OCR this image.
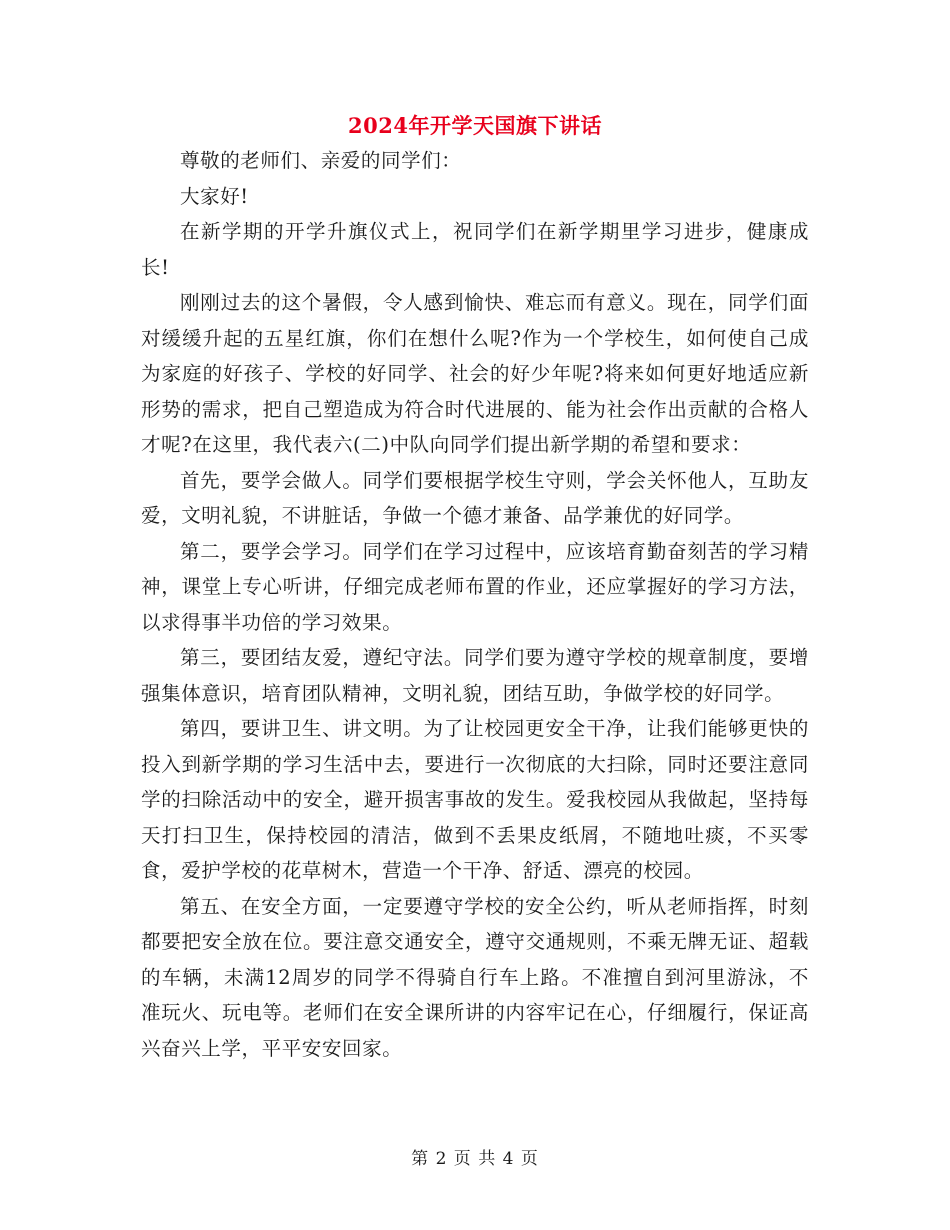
2024年开学天国旗下讲话

尊敬的老师们、亲爱的同学们：

大家好!

在新学期的开学升旗仪式上，祝同学们在新学期里学习进步，健康成长!

刚刚过去的这个暑假，令人感到愉快、难忘而有意义。现在，同学们面对缓缓升起的五星红旗，你们在想什么呢?作为一个学校生，如何使自己成为家庭的好孩子、学校的好同学、社会的好少年呢?将来如何更好地适应新形势的需求，把自己塑造成为符合时代进展的、能为社会作出贡献的合格人才呢?在这里，我代表六(二)中队向同学们提出新学期的希望和要求：

首先，要学会做人。同学们要根据学校生守则，学会关怀他人，互助友爱，文明礼貌，不讲脏话，争做一个德才兼备、品学兼优的好同学。

第二，要学会学习。同学们在学习过程中，应该培育勤奋刻苦的学习精神，课堂上专心听讲，仔细完成老师布置的作业，还应掌握好的学习方法，以求得事半功倍的学习效果。

第三，要团结友爱，遵纪守法。同学们要为遵守学校的规章制度，要增强集体意识，培育团队精神，文明礼貌，团结互助，争做学校的好同学。

第四，要讲卫生、讲文明。为了让校园更安全干净，让我们能够更快的投入到新学期的学习生活中去，要进行一次彻底的大扫除，同时还要注意同学的扫除活动中的安全，避开损害事故的发生。爱我校园从我做起，坚持每天打扫卫生，保持校园的清洁，做到不丢果皮纸屑，不随地吐痰，不买零食，爱护学校的花草树木，营造一个干净、舒适、漂亮的校园。

第五、在安全方面，一定要遵守学校的安全公约，听从老师指挥，时刻都要把安全放在位。要注意交通安全，遵守交通规则，不乘无牌无证、超载的车辆，未满12周岁的同学不得骑自行车上路。不准擅自到河里游泳，不准玩火、玩电等。老师们在安全课所讲的内容牢记在心，仔细履行，保证高兴奋兴上学，平平安安回家。

第 2 页 共 4 页
